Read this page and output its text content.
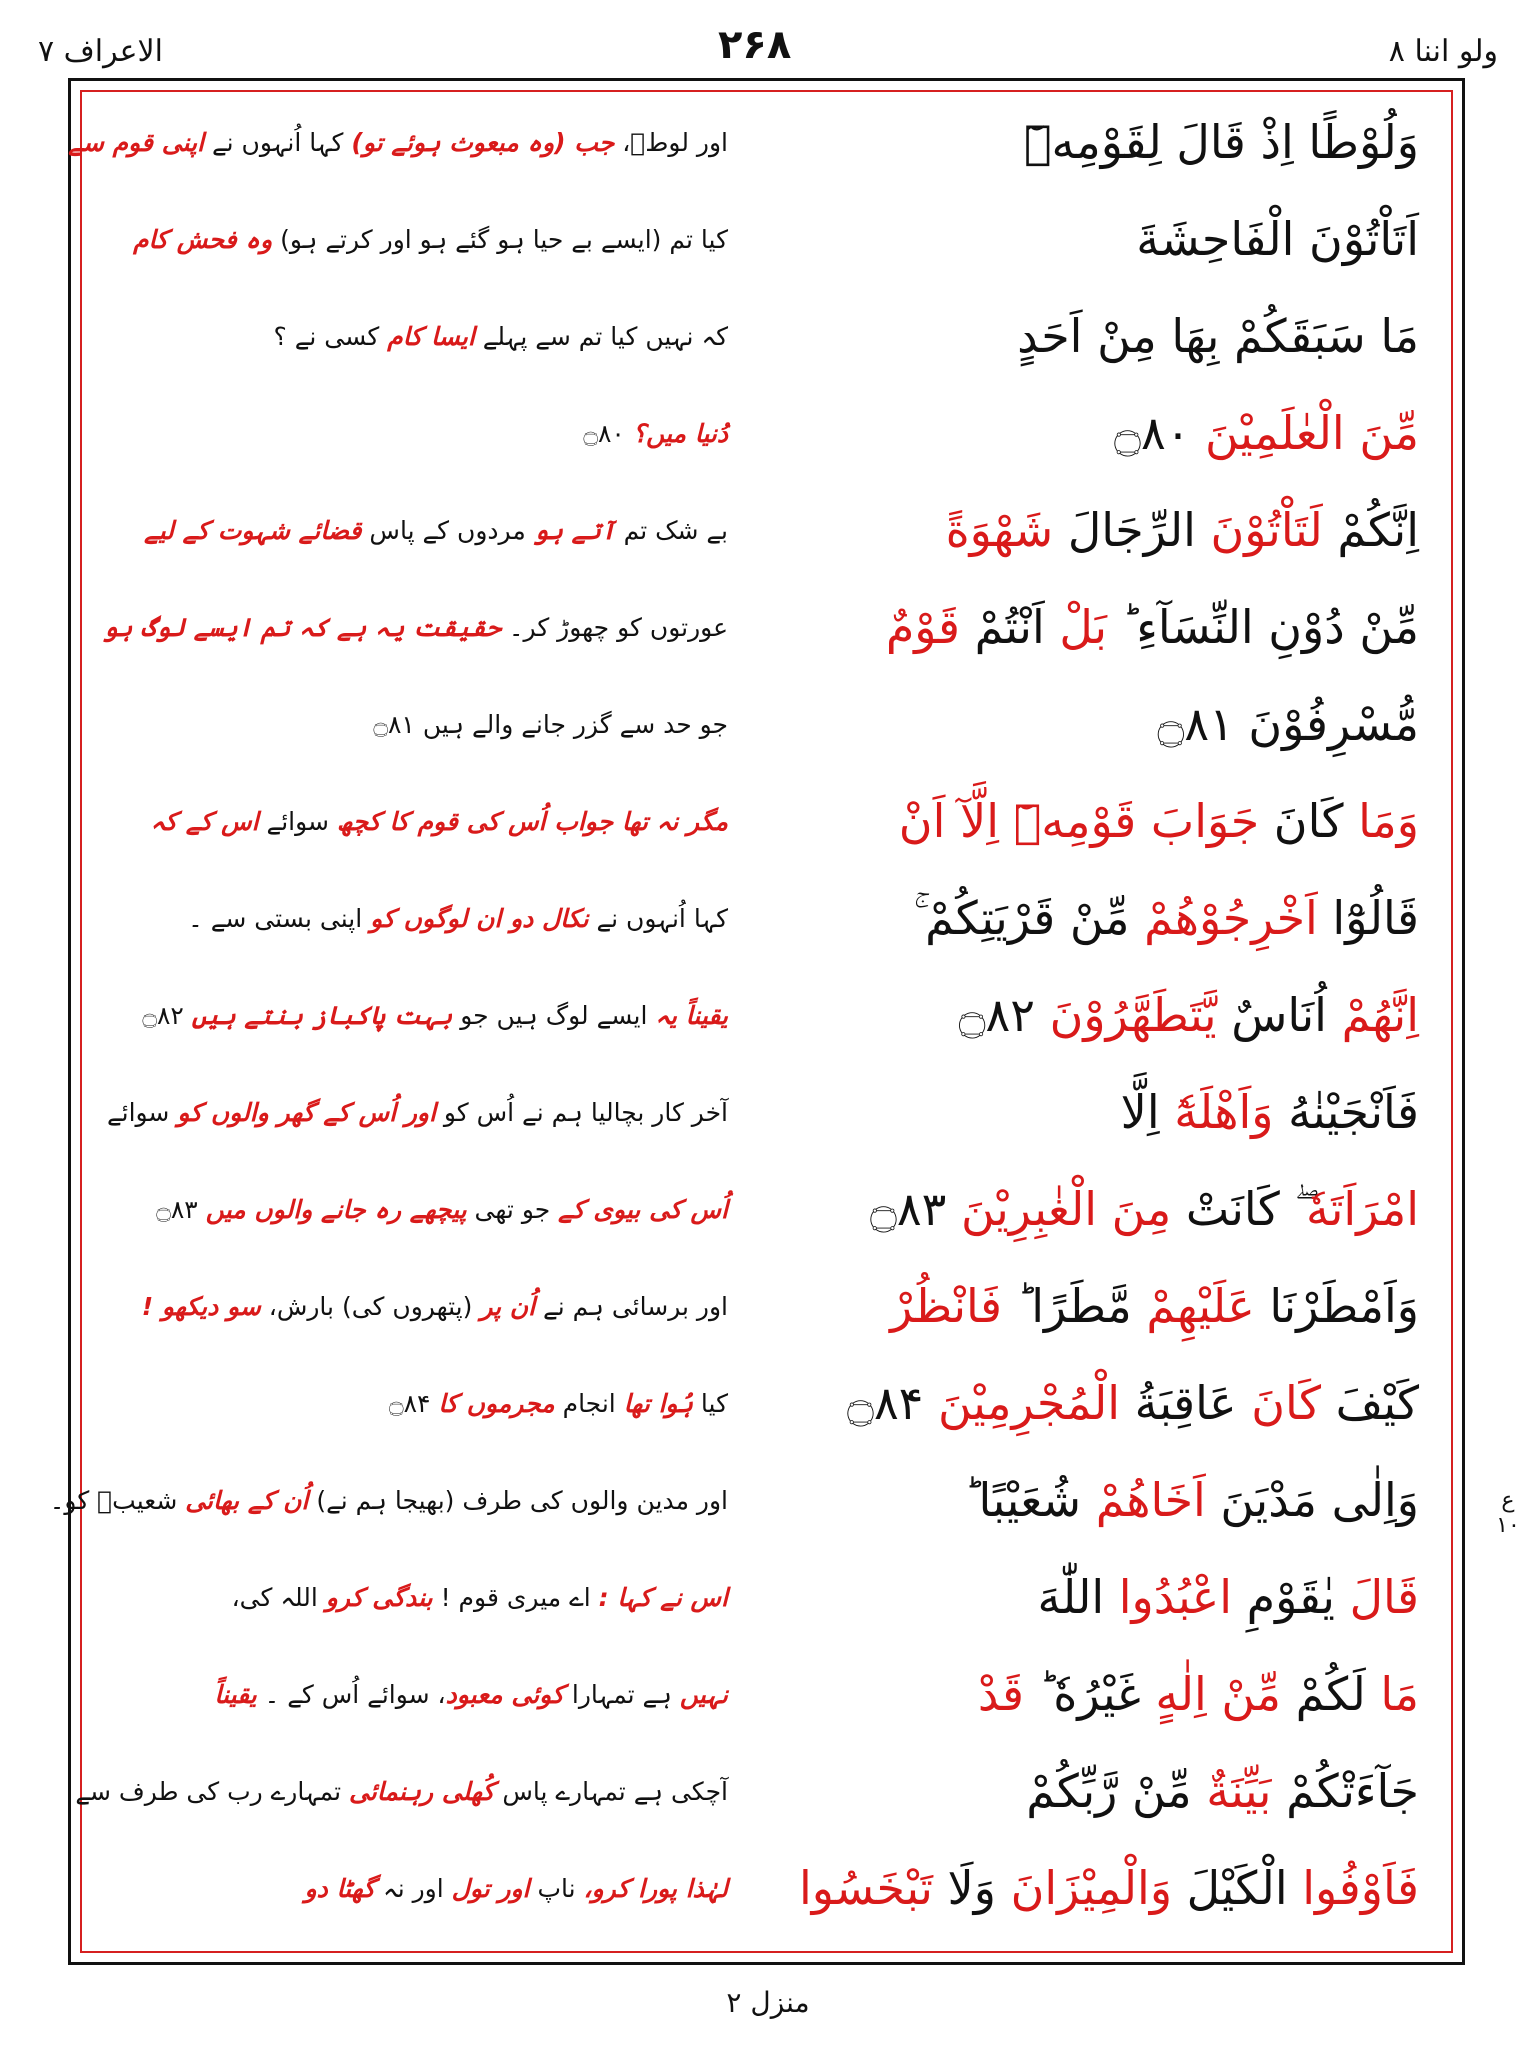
الاعراف ۷	۲۶۸	ولو اننا ۸
اور لوطؑ، جب (وہ مبعوث ہوئے تو) کہا اُنہوں نے اپنی قوم سے	وَلُوْطًا اِذْ قَالَ لِقَوْمِهٖٓ
کیا تم (ایسے بے حیا ہو گئے ہو اور کرتے ہو) وہ فحش کام	اَتَاْتُوْنَ الْفَاحِشَةَ
کہ نہیں کیا تم سے پہلے ایسا کام کسی نے ؟	مَا سَبَقَكُمْ بِهَا مِنْ اَحَدٍ
دُنیا میں؟ ۝۸۰	مِّنَ الْعٰلَمِيْنَ ۝۸۰
بے شک تم آتے ہو مردوں کے پاس قضائے شہوت کے لیے	اِنَّكُمْ لَتَاْتُوْنَ الرِّجَالَ شَهْوَةً
عورتوں کو چھوڑ کر۔ حقیقت یہ ہے کہ تم ایسے لوگ ہو	مِّنْ دُوْنِ النِّسَآءِ ؕ بَلْ اَنْتُمْ قَوْمٌ
جو حد سے گزر جانے والے ہیں ۝۸۱	مُّسْرِفُوْنَ ۝۸۱
مگر نہ تھا جواب اُس کی قوم کا کچھ سوائے اس کے کہ	وَمَا كَانَ جَوَابَ قَوْمِهٖٓ اِلَّآ اَنْ
کہا اُنہوں نے نکال دو ان لوگوں کو اپنی بستی سے ۔	قَالُوْٓا اَخْرِجُوْهُمْ مِّنْ قَرْيَتِكُمْ ۚ
یقیناً یہ ایسے لوگ ہیں جو بہت پاکباز بنتے ہیں ۝۸۲	اِنَّهُمْ اُنَاسٌ يَّتَطَهَّرُوْنَ ۝۸۲
آخر کار بچالیا ہم نے اُس کو اور اُس کے گھر والوں کو سوائے	فَاَنْجَيْنٰهُ وَاَهْلَهٗٓ اِلَّا
اُس کی بیوی کے جو تھی پیچھے رہ جانے والوں میں ۝۸۳	امْرَاَتَهٗ ۖ كَانَتْ مِنَ الْغٰبِرِيْنَ ۝۸۳
اور برسائی ہم نے اُن پر (پتھروں کی) بارش، سو دیکھو !	وَاَمْطَرْنَا عَلَيْهِمْ مَّطَرًا ؕ فَانْظُرْ
کیا ہُوا تھا انجام مجرموں کا ۝۸۴	كَيْفَ كَانَ عَاقِبَةُ الْمُجْرِمِيْنَ ۝۸۴
اور مدین والوں کی طرف (بھیجا ہم نے) اُن کے بھائی شعیبؑ کو۔	وَاِلٰى مَدْيَنَ اَخَاهُمْ شُعَيْبًا ؕ
اس نے کہا : اے میری قوم ! بندگی کرو اللہ کی،	قَالَ يٰقَوْمِ اعْبُدُوا اللّٰهَ
نہیں ہے تمہارا کوئی معبود، سوائے اُس کے ۔ یقیناً	مَا لَكُمْ مِّنْ اِلٰهٍ غَيْرُهٗ ؕ قَدْ
آچکی ہے تمہارے پاس کُھلی رہنمائی تمہارے رب کی طرف سے	جَآءَتْكُمْ بَيِّنَةٌ مِّنْ رَّبِّكُمْ
لہٰذا پورا کرو، ناپ اور تول اور نہ گھٹا دو	فَاَوْفُوا الْكَيْلَ وَالْمِيْزَانَ وَلَا تَبْخَسُوا
ع ۱۰
منزل ۲
